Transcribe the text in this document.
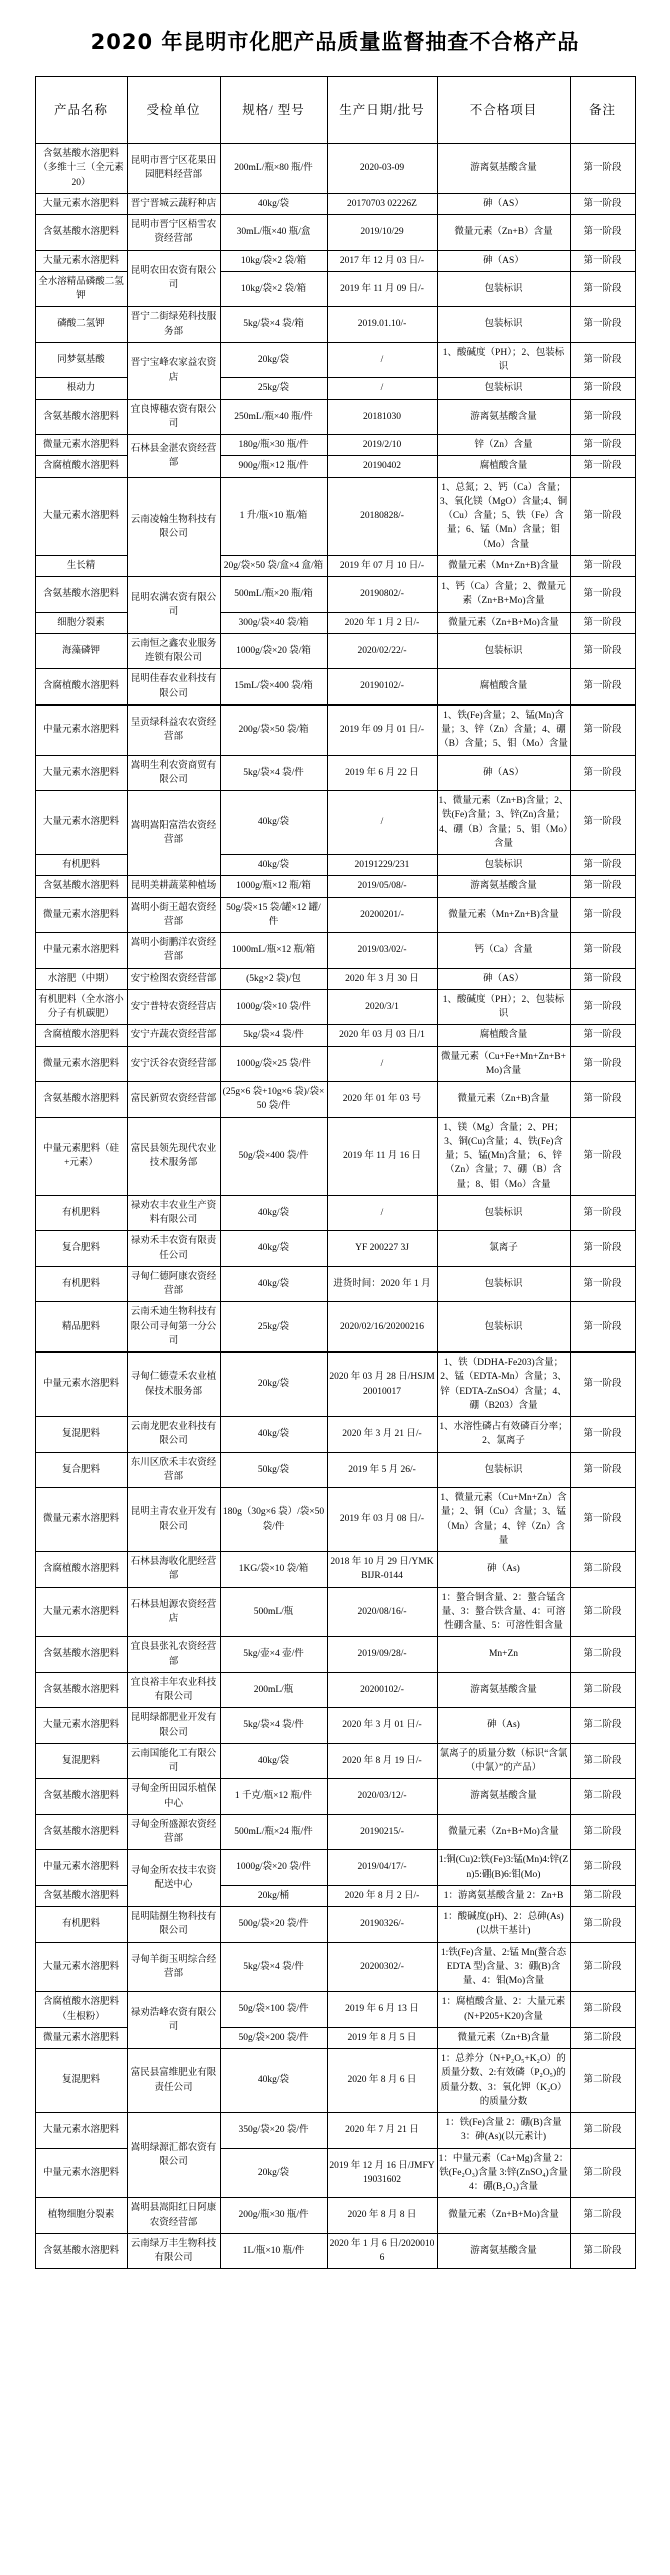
2020 年昆明市化肥产品质量监督抽查不合格产品
产品名称	受检单位	规格/ 型号	生产日期/批号	不合格项目	备注
含氨基酸水溶肥料（多维十三（全元素 20）	昆明市晋宁区花果田园肥料经营部	200mL/瓶×80 瓶/件	2020-03-09	游离氨基酸含量	第一阶段
大量元素水溶肥料	晋宁晋城云蔬籽种店	40kg/袋	20170703 02226Z	砷（AS）	第一阶段
含氨基酸水溶肥料	昆明市晋宁区梧雪农资经营部	30mL/瓶×40 瓶/盒	2019/10/29	微量元素（Zn+B）含量	第一阶段
大量元素水溶肥料	昆明农田农资有限公司	10kg/袋×2 袋/箱	2017 年 12 月 03 日/-	砷（AS）	第一阶段
全水溶精品磷酸二氢钾		10kg/袋×2 袋/箱	2019 年 11 月 09 日/-	包装标识	第一阶段
磷酸二氢钾	晋宁二街绿苑科技服务部	5kg/袋×4 袋/箱	2019.01.10/-	包装标识	第一阶段
同梦氨基酸	晋宁宝峰农家益农资店	20kg/袋	/	1、酸碱度（PH）；2、包装标识	第一阶段
根动力		25kg/袋	/	包装标识	第一阶段
含氨基酸水溶肥料	宜良博穗农资有限公司	250mL/瓶×40 瓶/件	20181030	游离氨基酸含量	第一阶段
微量元素水溶肥料	石林县金湛农资经营部	180g/瓶×30 瓶/件	2019/2/10	锌（Zn）含量	第一阶段
含腐植酸水溶肥料		900g/瓶×12 瓶/件	20190402	腐植酸含量	第一阶段
大量元素水溶肥料	云南凌翰生物科技有限公司	1 升/瓶×10 瓶/箱	20180828/-	1、总氮；2、钙（Ca）含量；3、氧化镁（MgO）含量;4、铜（Cu）含量；5、铁（Fe）含量；6、锰（Mn）含量；钼（Mo）含量	第一阶段
生长精		20g/袋×50 袋/盒×4 盒/箱	2019 年 07 月 10 日/-	微量元素（Mn+Zn+B)含量	第一阶段
含氨基酸水溶肥料	昆明农满农资有限公司	500mL/瓶×20 瓶/箱	20190802/-	1、钙（Ca）含量；2、微量元素（Zn+B+Mo)含量	第一阶段
细胞分裂素		300g/袋×40 袋/箱	2020 年 1 月 2 日/-	微量元素（Zn+B+Mo)含量	第一阶段
海藻磷钾	云南恒之鑫农业服务连锁有限公司	1000g/袋×20 袋/箱	2020/02/22/-	包装标识	第一阶段
含腐植酸水溶肥料	昆明佳春农业科技有限公司	15mL/袋×400 袋/箱	20190102/-	腐植酸含量	第一阶段
中量元素水溶肥料	呈贡绿科益农农资经营部	200g/袋×50 袋/箱	2019 年 09 月 01 日/-	1、铁(Fe)含量；2、锰(Mn)含量；3、锌（Zn）含量；4、硼（B）含量；5、钼（Mo）含量	第一阶段
大量元素水溶肥料	嵩明生利农资商贸有限公司	5kg/袋×4 袋/件	2019 年 6 月 22 日	砷（AS）	第一阶段
大量元素水溶肥料	嵩明嵩阳富浩农资经营部	40kg/袋	/	1、微量元素（Zn+B)含量；2、铁(Fe)含量；3、锌(Zn)含量；4、硼（B）含量；5、钼（Mo）含量	第一阶段
有机肥料		40kg/袋	20191229/231	包装标识	第一阶段
含氨基酸水溶肥料	昆明美耕蔬菜种植场	1000g/瓶×12 瓶/箱	2019/05/08/-	游离氨基酸含量	第一阶段
微量元素水溶肥料	嵩明小街王超农资经营部	50g/袋×15 袋/罐×12 罐/件	20200201/-	微量元素（Mn+Zn+B)含量	第一阶段
中量元素水溶肥料	嵩明小街鹏洋农资经营部	1000mL/瓶×12 瓶/箱	2019/03/02/-	钙（Ca）含量	第一阶段
水溶肥（中期）	安宁检图农资经营部	(5kg×2 袋)/包	2020 年 3 月 30 日	砷（AS）	第一阶段
有机肥料（全水溶小分子有机碳肥）	安宁普特农资经营店	1000g/袋×10 袋/件	2020/3/1	1、酸碱度（PH）；2、包装标识	第一阶段
含腐植酸水溶肥料	安宁卉蔬农资经营部	5kg/袋×4 袋/件	2020 年 03 月 03 日/1	腐植酸含量	第一阶段
微量元素水溶肥料	安宁沃谷农资经营部	1000g/袋×25 袋/件	/	微量元素（Cu+Fe+Mn+Zn+B+Mo)含量	第一阶段
含氨基酸水溶肥料	富民新贸农资经营部	(25g×6 袋+10g×6 袋)/袋×50 袋/件	2020 年 01 年 03 号	微量元素（Zn+B)含量	第一阶段
中量元素肥料（硅+元素）	富民县领先现代农业技术服务部	50g/袋×400 袋/件	2019 年 11 月 16 日	1、镁（Mg）含量；2、PH；3、铜(Cu)含量；4、铁(Fe)含量；5、锰(Mn)含量； 6、锌（Zn）含量；7、硼（B）含量；8、钼（Mo）含量	第一阶段
有机肥料	禄劝农丰农业生产资料有限公司	40kg/袋	/	包装标识	第一阶段
复合肥料	禄劝禾丰农资有限责任公司	40kg/袋	YF 200227 3J	氯离子	第一阶段
有机肥料	寻甸仁德阿康农资经营部	40kg/袋	进货时间：2020 年 1 月	包装标识	第一阶段
精品肥料	云南禾迪生物科技有限公司寻甸第一分公司	25kg/袋	2020/02/16/20200216	包装标识	第一阶段
中量元素水溶肥料	寻甸仁德壹禾农业植保技术服务部	20kg/袋	2020 年 03 月 28 日/HSJM20010017	1、铁（DDHA-Fe203)含量；2、锰（EDTA-Mn）含量；3、锌（EDTA-ZnSO4）含量；4、硼（B203）含量	第一阶段
复混肥料	云南龙肥农业科技有限公司	40kg/袋	2020 年 3 月 21 日/-	1、水溶性磷占有效磷百分率；2、氯离子	第一阶段
复合肥料	东川区欣禾丰农资经营部	50kg/袋	2019 年 5 月 26/-	包装标识	第一阶段
微量元素水溶肥料	昆明主青农业开发有限公司	180g（30g×6 袋）/袋×50 袋/件	2019 年 03 月 08 日/-	1、微量元素（Cu+Mn+Zn）含量；2、铜（Cu）含量；3、锰（Mn）含量；4、锌（Zn）含量	第一阶段
含腐植酸水溶肥料	石林县海收化肥经营部	1KG/袋×10 袋/箱	2018 年 10 月 29 日/YMKBIJR-0144	砷（As)	第二阶段
大量元素水溶肥料	石林县旭源农资经营店	500mL/瓶	2020/08/16/-	1：螯合铜含量、2：螯合锰含量、3：螯合铁含量、4：可溶性硼含量、5：可溶性钼含量	第二阶段
含氨基酸水溶肥料	宜良县张礼农资经营部	5kg/壶×4 壶/件	2019/09/28/-	Mn+Zn	第二阶段
含氨基酸水溶肥料	宜良裕丰年农业科技有限公司	200mL/瓶	20200102/-	游离氨基酸含量	第二阶段
大量元素水溶肥料	昆明绿都肥业开发有限公司	5kg/袋×4 袋/件	2020 年 3 月 01 日/-	砷（As)	第二阶段
复混肥料	云南国能化工有限公司	40kg/袋	2020 年 8 月 19 日/-	氯离子的质量分数（标识“含氯（中氯）”的产品）	第二阶段
含氨基酸水溶肥料	寻甸金所田园乐植保中心	1 千克/瓶×12 瓶/件	2020/03/12/-	游离氨基酸含量	第二阶段
含氨基酸水溶肥料	寻甸金所盛源农资经营部	500mL/瓶×24 瓶/件	20190215/-	微量元素（Zn+B+Mo)含量	第二阶段
中量元素水溶肥料	寻甸金所农技丰农资配送中心	1000g/袋×20 袋/件	2019/04/17/-	1:铜(Cu)2:铁(Fe)3:锰(Mn)4:锌(Zn)5:硼(B)6:钼(Mo)	第二阶段
含氨基酸水溶肥料		20kg/桶	2020 年 8 月 2 日/-	1：游离氨基酸含量 2：Zn+B	第二阶段
有机肥料	昆明陆捌生物科技有限公司	500g/袋×20 袋/件	20190326/-	1：酸碱度(pH)、2：总砷(As)(以烘干基计)	第二阶段
大量元素水溶肥料	寻甸羊街玉明综合经营部	5kg/袋×4 袋/件	20200302/-	1:铁(Fe)含量、2:锰 Mn(螯合态 EDTA 型)含量、3：硼(B)含量、4：钼(Mo)含量	第二阶段
含腐植酸水溶肥料（生根粉）	禄劝浩峰农资有限公司	50g/袋×100 袋/件	2019 年 6 月 13 日	1：腐植酸含量、2：大量元素(N+P205+K20)含量	第二阶段
微量元素水溶肥料		50g/袋×200 袋/件	2019 年 8 月 5 日	微量元素（Zn+B)含量	第二阶段
复混肥料	富民县富维肥业有限责任公司	40kg/袋	2020 年 8 月 6 日	1：总养分（N+P₂O₅+K₂O）的质量分数、2:有效磷（P₂O₅)的质量分数、3：氧化钾（K₂O）的质量分数	第二阶段
大量元素水溶肥料	嵩明绿源汇都农资有限公司	350g/袋×20 袋/件	2020 年 7 月 21 日	1：铁(Fe)含量 2：硼(B)含量 3：砷(As)(以元素计)	第二阶段
中量元素水溶肥料		20kg/袋	2019 年 12 月 16 日/JMFY19031602	1：中量元素（Ca+Mg)含量 2：铁(Fe₂O₃)含量 3:锌(ZnSO₄)含量 4：硼(B₂O₃)含量	第二阶段
植物细胞分裂素	嵩明县嵩阳红日阿康农资经营部	200g/瓶×30 瓶/件	2020 年 8 月 8 日	微量元素（Zn+B+Mo)含量	第二阶段
含氨基酸水溶肥料	云南绿万丰生物科技有限公司	1L/瓶×10 瓶/件	2020 年 1 月 6 日/20200106	游离氨基酸含量	第二阶段
